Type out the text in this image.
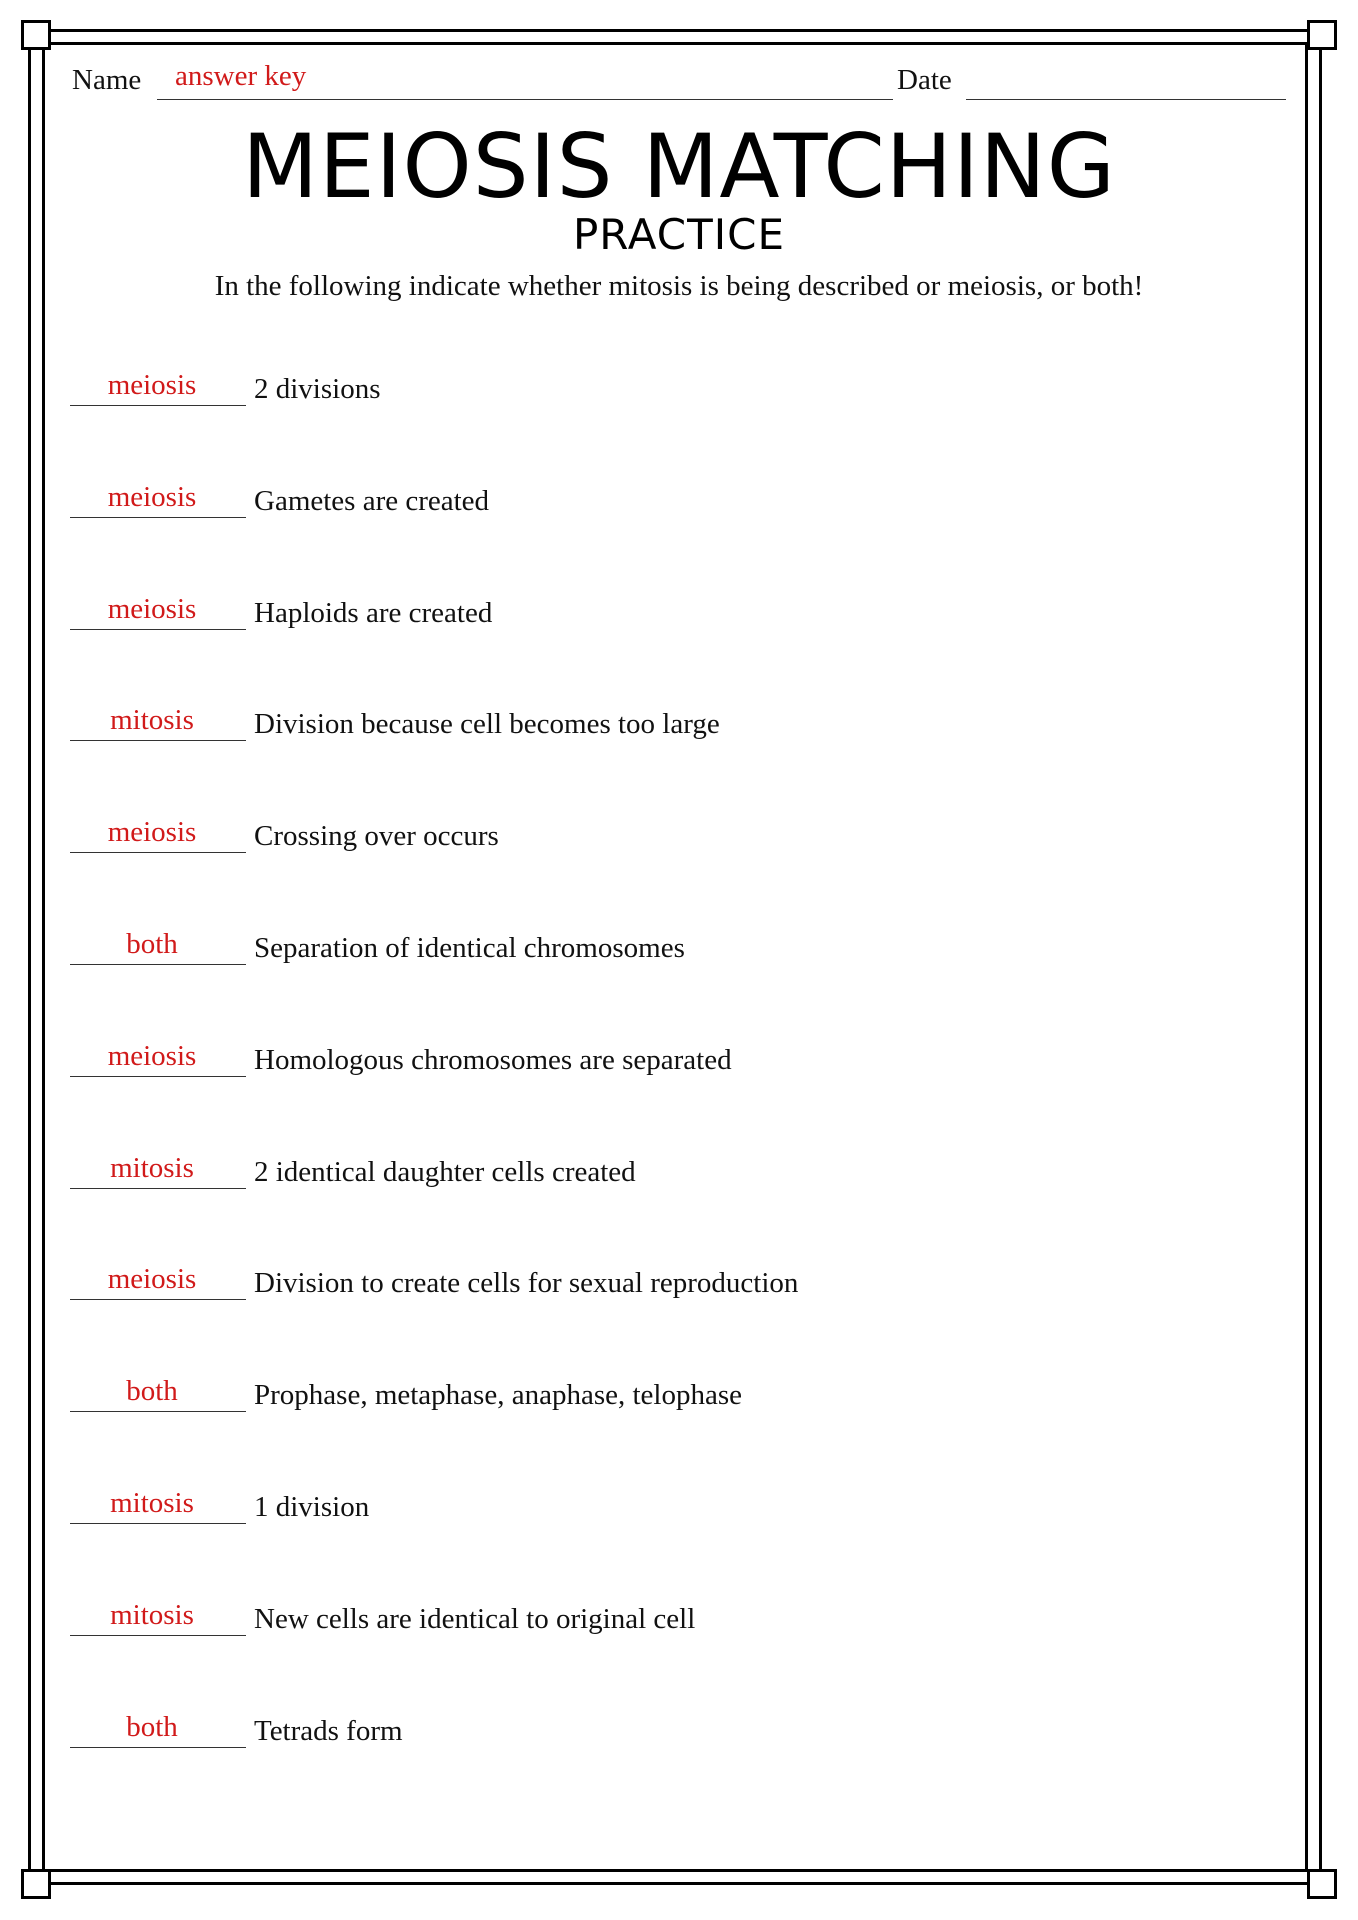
Name answer key	Date
MEIOSIS MATCHING
PRACTICE
In the following indicate whether mitosis is being described or meiosis, or both!
meiosis	2 divisions
meiosis	Gametes are created
meiosis	Haploids are created
mitosis	Division because cell becomes too large
meiosis	Crossing over occurs
both	Separation of identical chromosomes
meiosis	Homologous chromosomes are separated
mitosis	2 identical daughter cells created
meiosis	Division to create cells for sexual reproduction
both	Prophase, metaphase, anaphase, telophase
mitosis	1 division
mitosis	New cells are identical to original cell
both	Tetrads form
